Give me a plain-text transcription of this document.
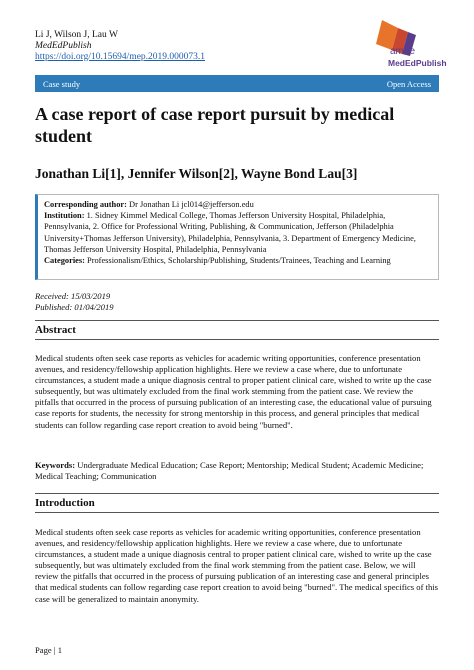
Li J, Wilson J, Lau W
MedEdPublish
https://doi.org/10.15694/mep.2019.000073.1	amee
MedEdPublish
Case study	Open Access
A case report of case report pursuit by medical student
Jonathan Li[1], Jennifer Wilson[2], Wayne Bond Lau[3]

Corresponding author: Dr Jonathan Li jcl014@jefferson.edu

Institution: 1. Sidney Kimmel Medical College, Thomas Jefferson University Hospital, Philadelphia, Pennsylvania, 2. Office for Professional Writing, Publishing, & Communication, Jefferson (Philadelphia University+Thomas Jefferson University), Philadelphia, Pennsylvania, 3. Department of Emergency Medicine, Thomas Jefferson University Hospital, Philadelphia, Pennsylvania

Categories: Professionalism/Ethics, Scholarship/Publishing, Students/Trainees, Teaching and Learning

Received: 15/03/2019
Published: 01/04/2019
Abstract
Medical students often seek case reports as vehicles for academic writing opportunities, conference presentation avenues, and residency/fellowship application highlights. Here we review a case where, due to unfortunate circumstances, a student made a unique diagnosis central to proper patient clinical care, wished to write up the case subsequently, but was ultimately excluded from the final work stemming from the patient case. We review the pitfalls that occurred in the process of pursuing publication of an interesting case, the educational value of pursuing case reports for students, the necessity for strong mentorship in this process, and general principles that medical students can follow regarding case report creation to avoid being "burned".
Keywords: Undergraduate Medical Education; Case Report; Mentorship; Medical Student; Academic Medicine; Medical Teaching; Communication
Introduction
Medical students often seek case reports as vehicles for academic writing opportunities, conference presentation avenues, and residency/fellowship application highlights. Here we review a case where, due to unfortunate circumstances, a student made a unique diagnosis central to proper patient clinical care, wished to write up the case subsequently, but was ultimately excluded from the final work stemming from the patient case. Below, we will review the pitfalls that occurred in the process of pursuing publication of an interesting case and general principles that medical students can follow regarding case report creation to avoid being "burned". The medical specifics of this case will be generalized to maintain anonymity.
Page | 1
